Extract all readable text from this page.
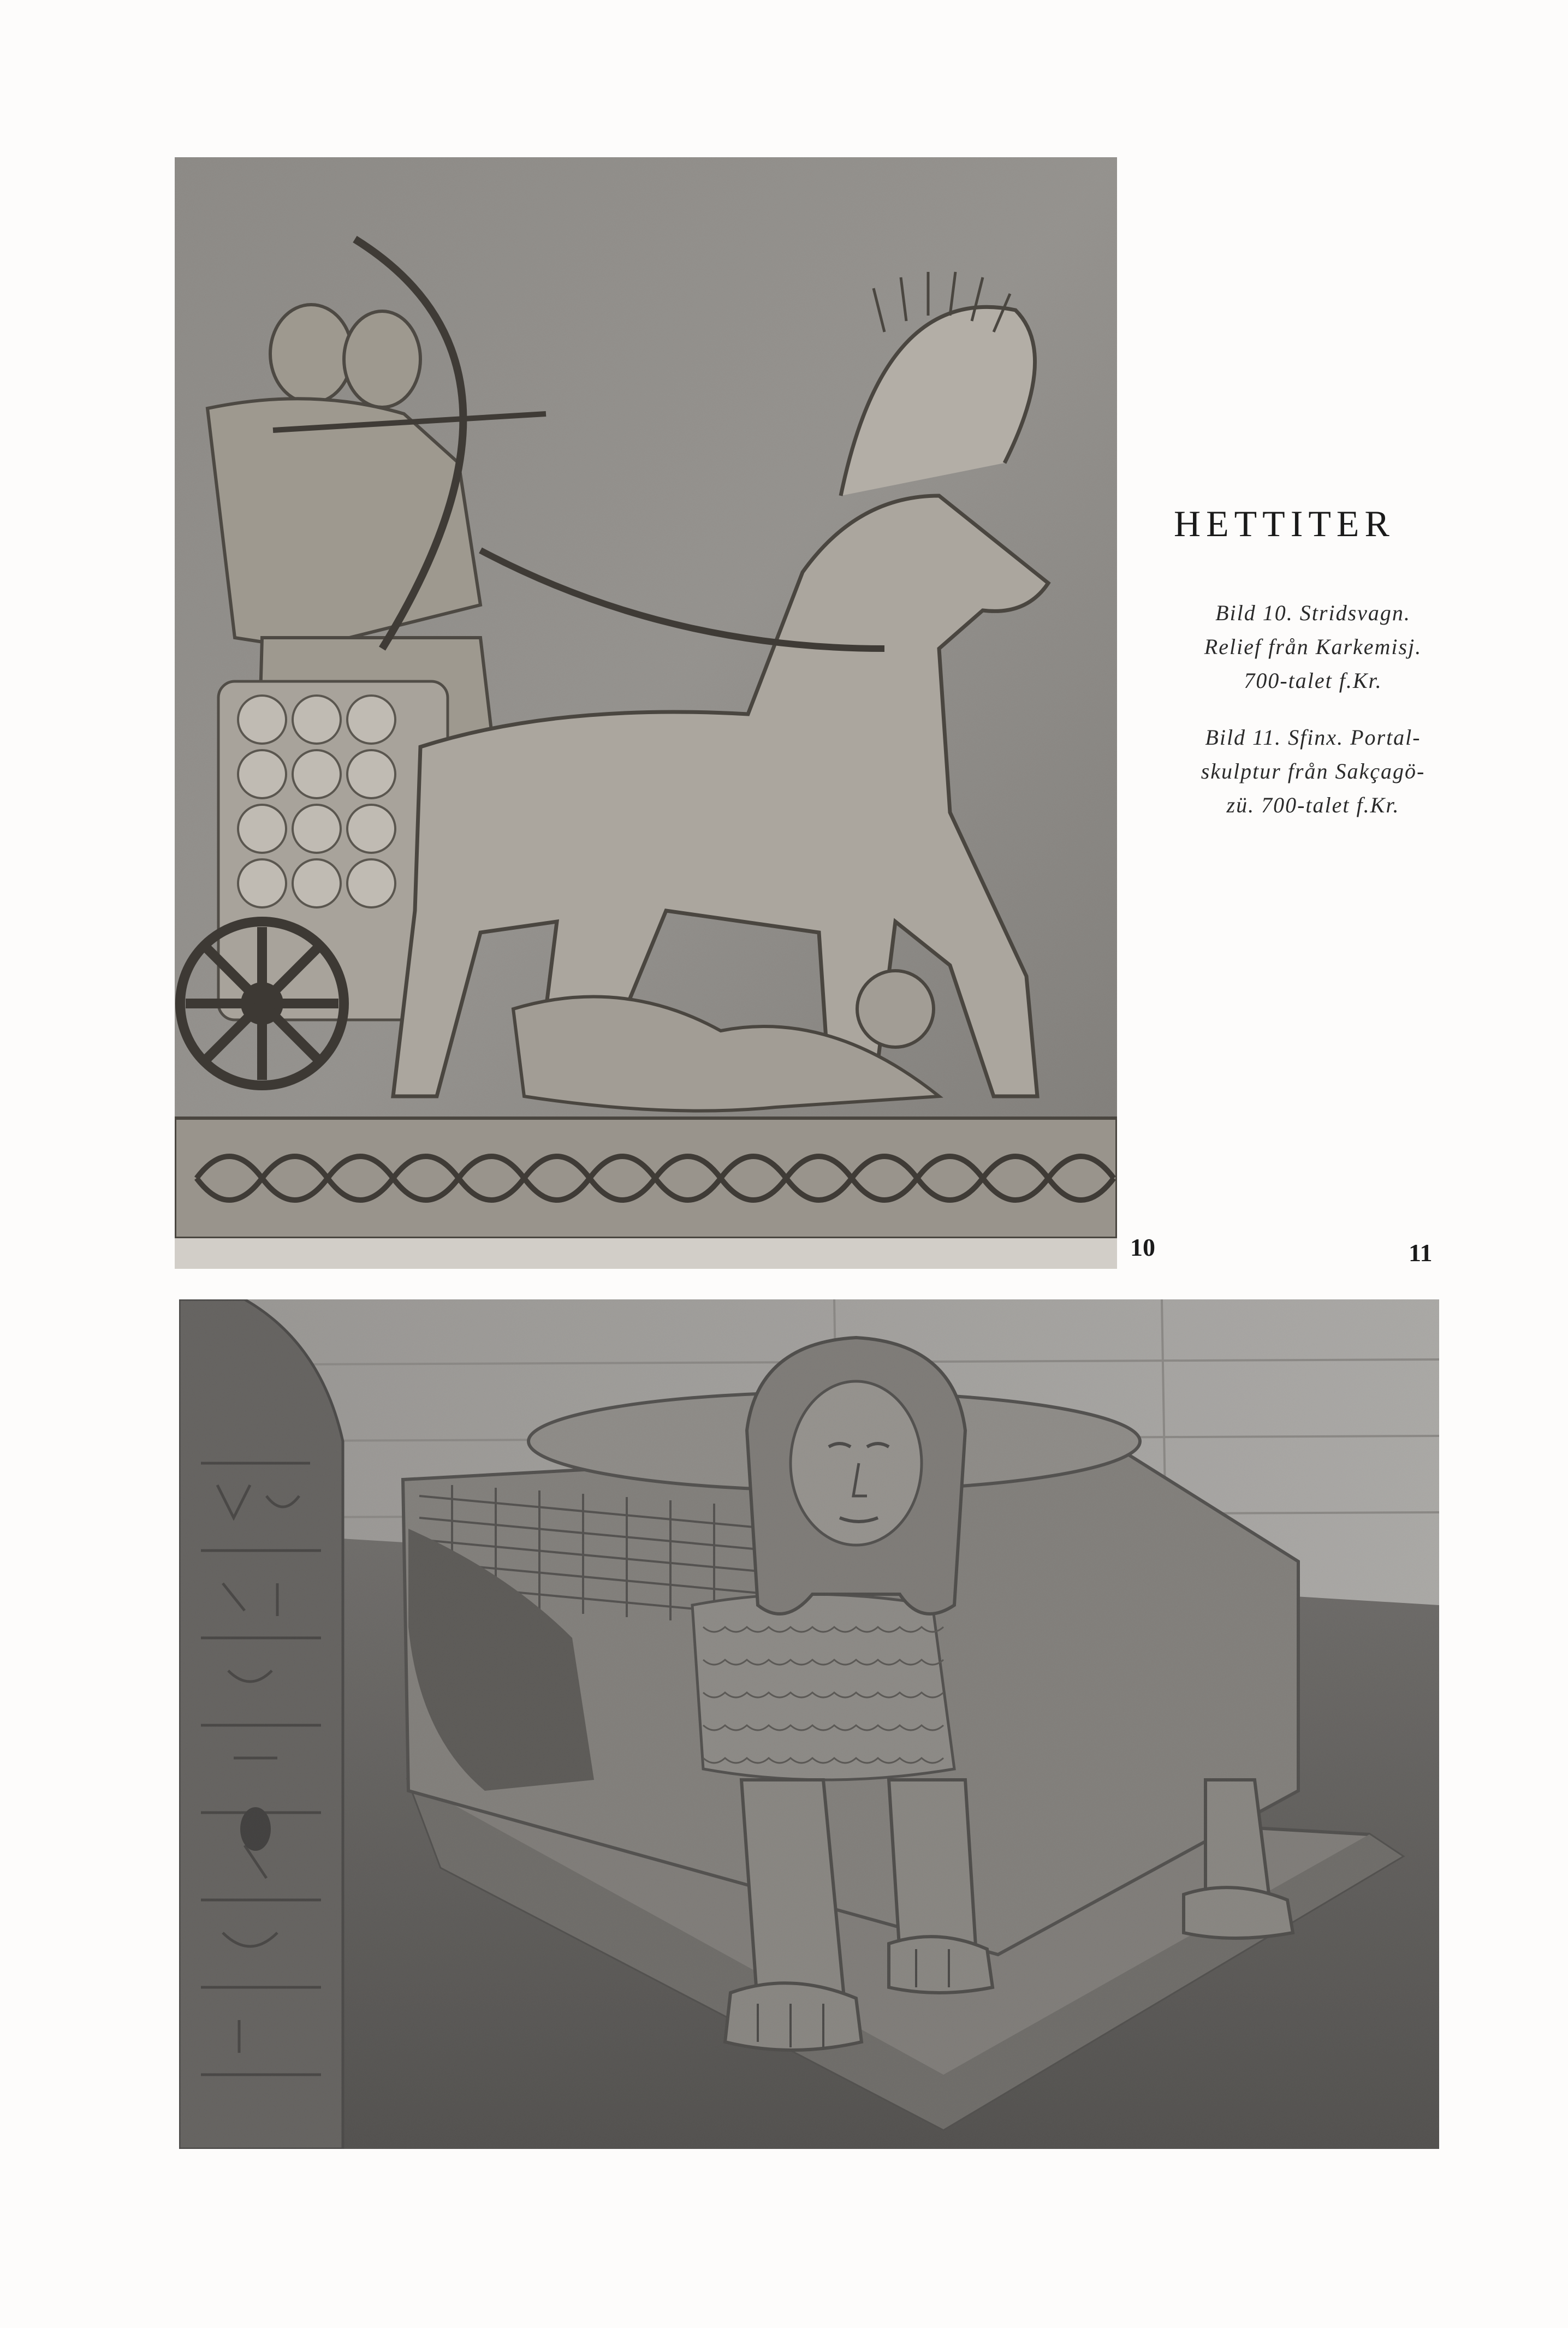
HETTITER
Bild 10. Stridsvagn.
Relief från Karkemisj.
700-talet f.Kr.
Bild 11. Sfinx. Portal-
skulptur från Sakçagö-
zü. 700-talet f.Kr.
10	11
